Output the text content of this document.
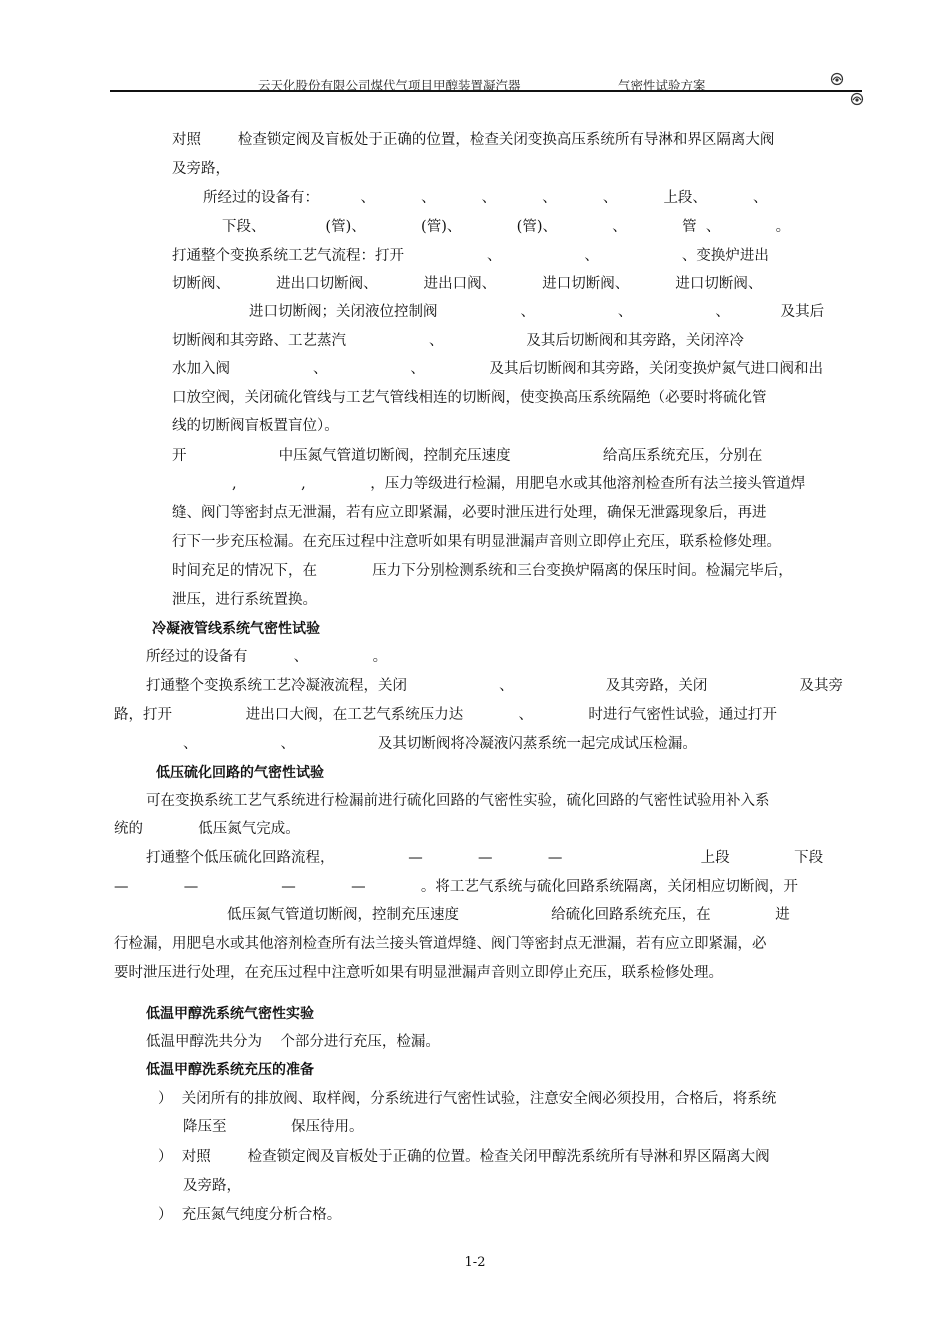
云天化股份有限公司煤代气项目甲醇装置凝汽器	气密性试验方案
对照        检查锁定阀及盲板处于正确的位置，检查关闭变换高压系统所有导淋和界区隔离大阀
及旁路，
所经过的设备有：         、          、          、          、          、          上段、          、
下段、             (管)、            (管)、            (管)、            、            管  、            。
打通整个变换系统工艺气流程：打开                  、                  、                  、变换炉进出
切断阀、          进出口切断阀、          进出口阀、          进口切断阀、          进口切断阀、
进口切断阀；关闭液位控制阀                  、                  、                  、           及其后
切断阀和其旁路、工艺蒸汽                  、                  及其后切断阀和其旁路，关闭淬冷
水加入阀                  、                  、              及其后切断阀和其旁路，关闭变换炉氮气进口阀和出
口放空阀，关闭硫化管线与工艺气管线相连的切断阀，使变换高压系统隔绝（必要时将硫化管
线的切断阀盲板置盲位）。
开                    中压氮气管道切断阀，控制充压速度                    给高压系统充压，分别在
,              ,              ，压力等级进行检漏，用肥皂水或其他溶剂检查所有法兰接头管道焊
缝、阀门等密封点无泄漏，若有应立即紧漏，必要时泄压进行处理，确保无泄露现象后，再进
行下一步充压检漏。在充压过程中注意听如果有明显泄漏声音则立即停止充压，联系检修处理。
时间充足的情况下，在            压力下分别检测系统和三台变换炉隔离的保压时间。检漏完毕后，
泄压，进行系统置换。
冷凝液管线系统气密性试验
所经过的设备有          、              。
打通整个变换系统工艺冷凝液流程，关闭                    、                    及其旁路，关闭                    及其旁
路，打开                进出口大阀，在工艺气系统压力达            、            时进行气密性试验，通过打开
、                  、                  及其切断阀将冷凝液闪蒸系统一起完成试压检漏。
低压硫化回路的气密性试验
可在变换系统工艺气系统进行检漏前进行硫化回路的气密性实验，硫化回路的气密性试验用补入系
统的            低压氮气完成。
打通整个低压硫化回路流程，                —            —            —                              上段              下段
—            —                  —            —            。将工艺气系统与硫化回路系统隔离，关闭相应切断阀，开
低压氮气管道切断阀，控制充压速度                    给硫化回路系统充压，在              进
行检漏，用肥皂水或其他溶剂检查所有法兰接头管道焊缝、阀门等密封点无泄漏，若有应立即紧漏，必
要时泄压进行处理，在充压过程中注意听如果有明显泄漏声音则立即停止充压，联系检修处理。
低温甲醇洗系统气密性实验
低温甲醇洗共分为    个部分进行充压，检漏。
低温甲醇洗系统充压的准备
）  关闭所有的排放阀、取样阀，分系统进行气密性试验，注意安全阀必须投用，合格后，将系统
降压至              保压待用。
）  对照        检查锁定阀及盲板处于正确的位置。检查关闭甲醇洗系统所有导淋和界区隔离大阀
及旁路，
）  充压氮气纯度分析合格。
1-2
